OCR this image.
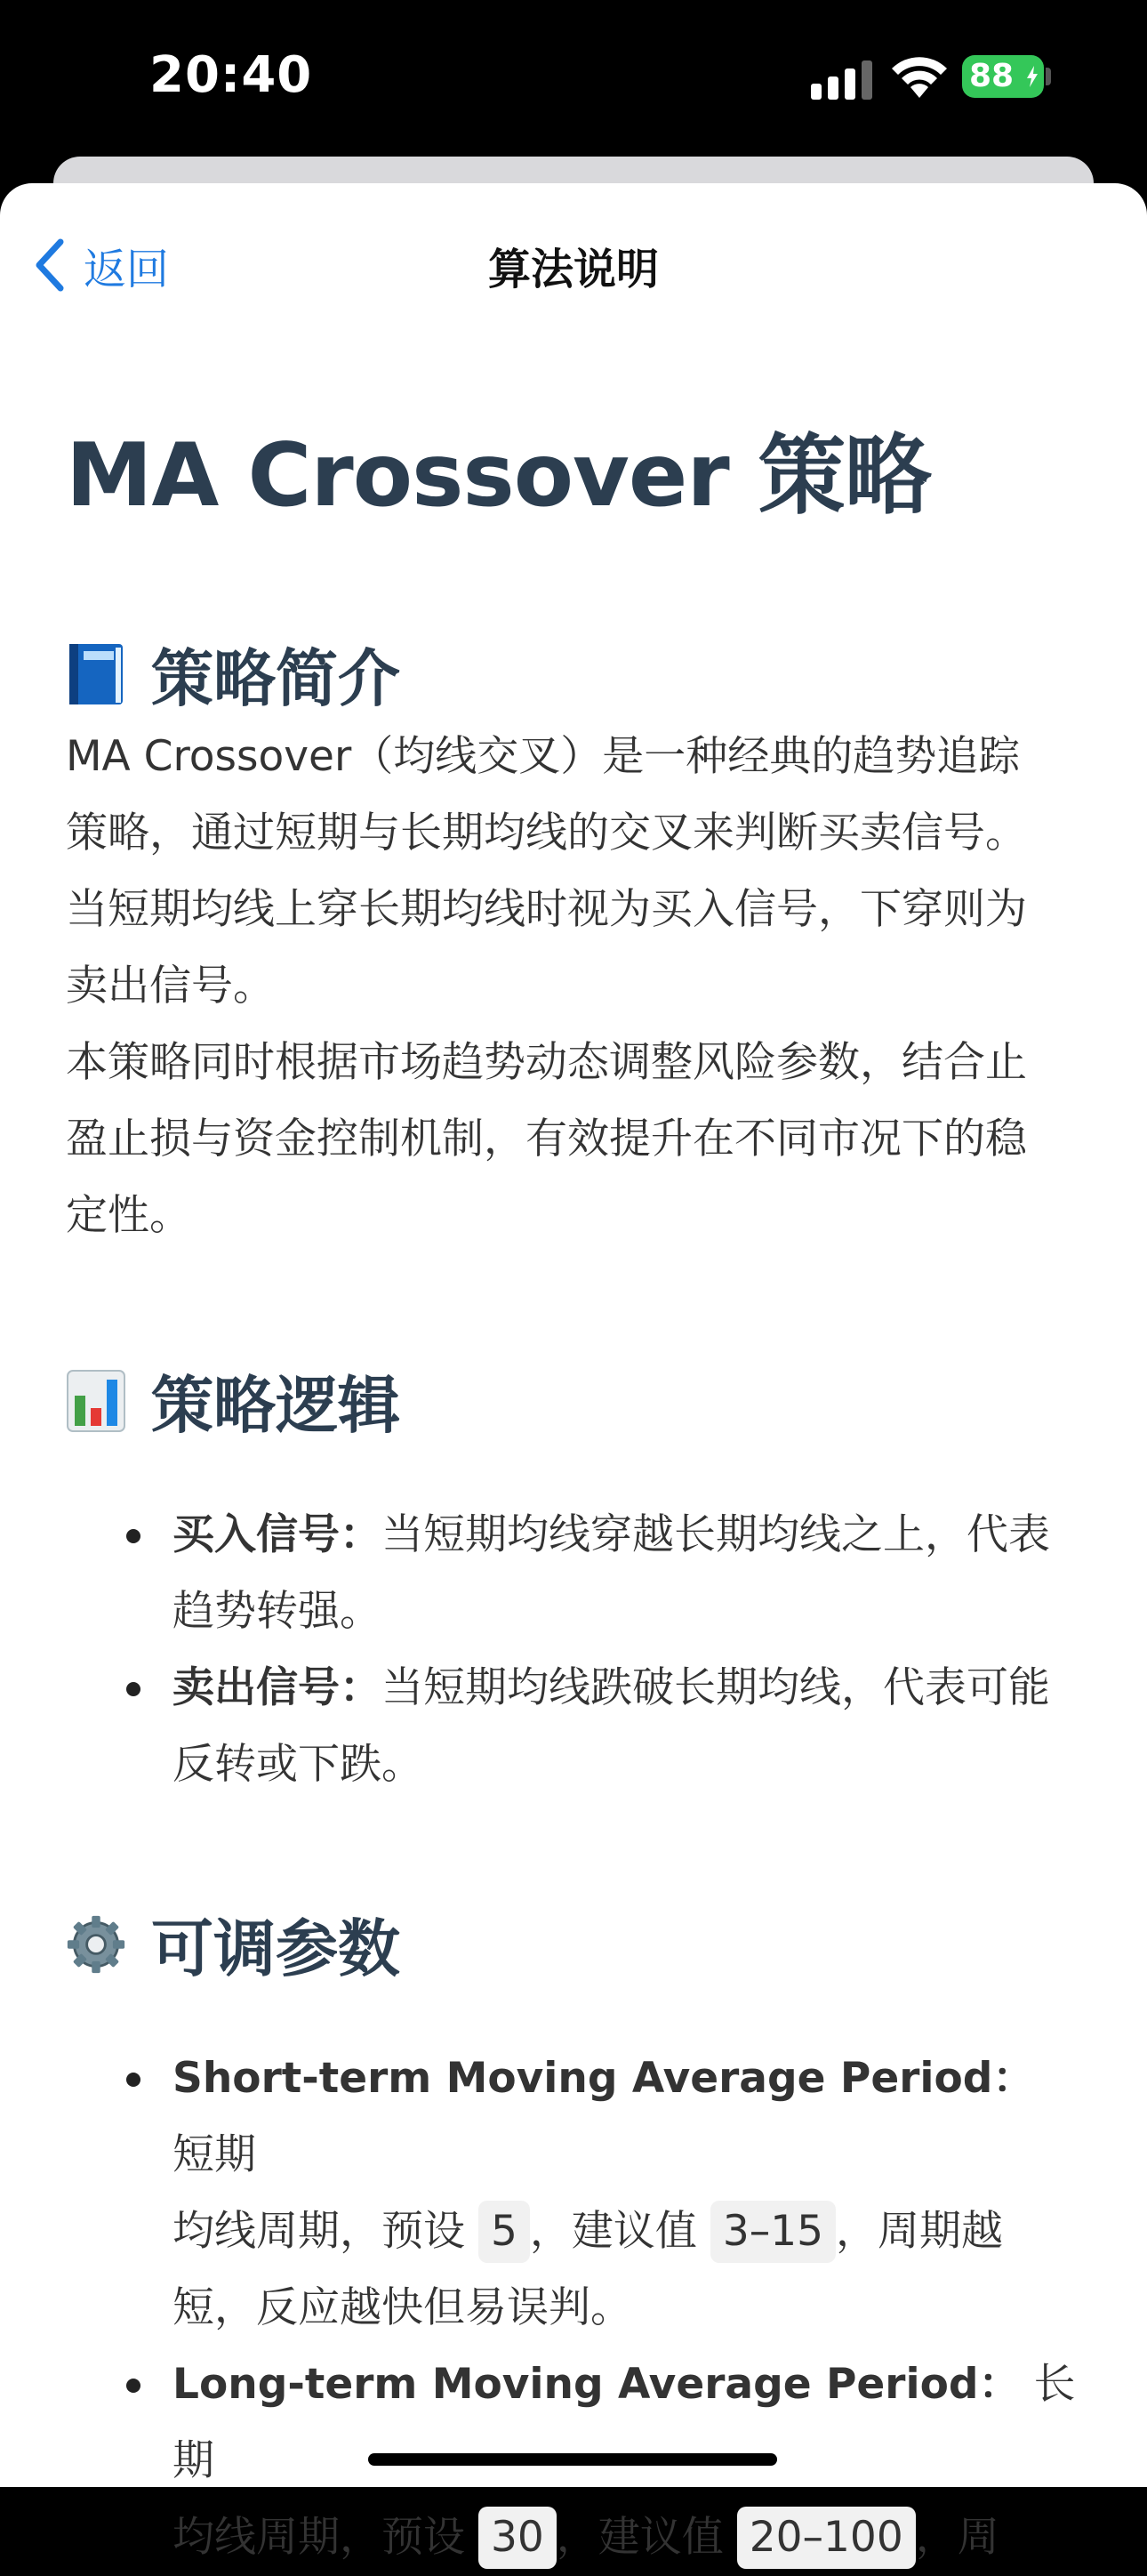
20:40	88
返回	算法说明
MA Crossover 策略
策略简介

MA Crossover（均线交叉）是一种经典的趋势追踪
策略，通过短期与长期均线的交叉来判断买卖信号。
当短期均线上穿长期均线时视为买入信号，下穿则为
卖出信号。

本策略同时根据市场趋势动态调整风险参数，结合止
盈止损与资金控制机制，有效提升在不同市况下的稳
定性。

策略逻辑
买入信号：当短期均线穿越长期均线之上，代表
趋势转强。
卖出信号：当短期均线跌破长期均线，代表可能
反转或下跌。
可调参数
Short-term Moving Average Period： 短期
均线周期，预设 5 ，建议值 3–15 ，周期越
短，反应越快但易误判。
Long-term Moving Average Period： 长期
均线周期，预设 30 ，建议值 20–100 ，周
